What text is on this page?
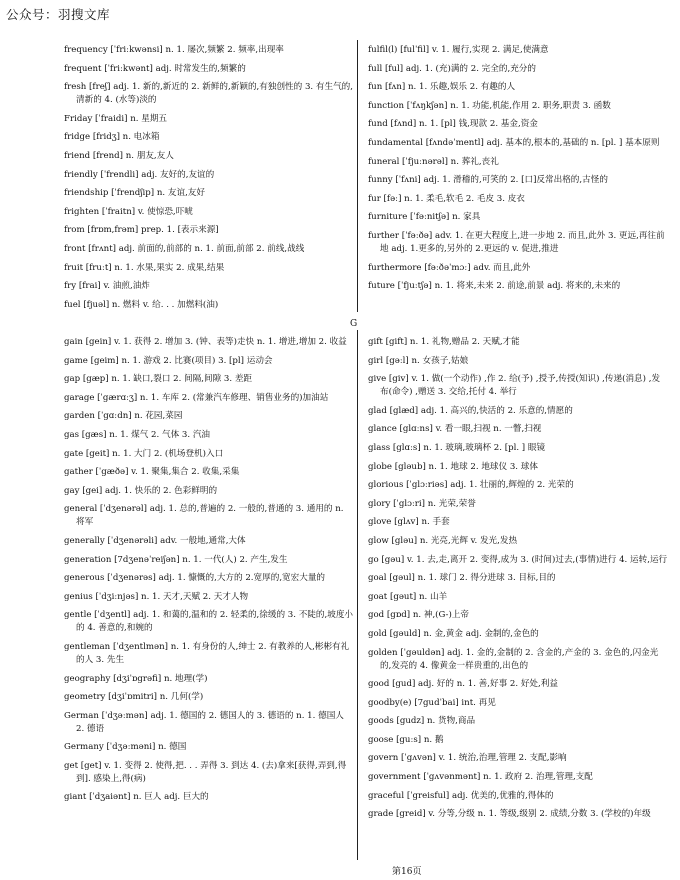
公众号：羽搜文库
frequency [ˈfriːkwənsi] n. 1. 屡次,频繁 2. 频率,出现率
frequent [ˈfriːkwənt] adj. 时常发生的,频繁的
fresh [freʃ] adj. 1. 新的,新近的 2. 新鲜的,新颖的,有独创性的 3. 有生气的,清新的 4. (水等)淡的
Friday [ˈfraidi] n. 星期五
fridge [fridʒ] n. 电冰箱
friend [frend] n. 朋友,友人
friendly [ˈfrendli] adj. 友好的,友谊的
friendship [ˈfrendʃip] n. 友谊,友好
frighten [ˈfraitn] v. 使惊恐,吓唬
from [frɒm,frəm] prep. 1. [表示来源]
front [frʌnt] adj. 前面的,前部的 n. 1. 前面,前部 2. 前线,战线
fruit [fruːt] n. 1. 水果,果实 2. 成果,结果
fry [frai] v. 油煎,油炸
fuel [fjuəl] n. 燃料 v. 给. . . 加燃料(油)
fulfil(l) [fulˈfil] v. 1. 履行,实现 2. 满足,使满意
full [ful] adj. 1. (充)满的 2. 完全的,充分的
fun [fʌn] n. 1. 乐趣,娱乐 2. 有趣的人
function [ˈfʌŋkʃən] n. 1. 功能,机能,作用 2. 职务,职责 3. 函数
fund [fʌnd] n. 1. [pl] 钱,现款 2. 基金,资金
fundamental [fʌndəˈmentl] adj. 基本的,根本的,基础的 n. [pl. ] 基本原则
funeral [ˈfjuːnərəl] n. 葬礼,丧礼
funny [ˈfʌni] adj. 1. 滑稽的,可笑的 2. [口]反常出格的,古怪的
fur [fəː] n. 1. 柔毛,软毛 2. 毛皮 3. 皮衣
furniture [ˈfəːnitʃə] n. 家具
further [ˈfəːðə] adv. 1. 在更大程度上,进一步地 2. 而且,此外 3. 更远,再往前地 adj. 1.更多的,另外的 2.更远的 v. 促进,推进
furthermore [fəːðəˈmɔː] adv. 而且,此外
future [ˈfjuːtʃə] n. 1. 将来,未来 2. 前途,前景 adj. 将来的,未来的
G
gain [gein] v. 1. 获得 2. 增加 3. (钟、表等)走快 n. 1. 增进,增加 2. 收益
game [geim] n. 1. 游戏 2. 比赛(项目) 3. [pl] 运动会
gap [gæp] n. 1. 缺口,裂口 2. 间隔,间隙 3. 差距
garage [ˈgærɑːʒ] n. 1. 车库 2. (常兼汽车修理、销售业务的)加油站
garden [ˈgɑːdn] n. 花园,菜园
gas [gæs] n. 1. 煤气 2. 气体 3. 汽油
gate [geit] n. 1. 大门 2. (机场登机)入口
gather [ˈgæðə] v. 1. 聚集,集合 2. 收集,采集
gay [gei] adj. 1. 快乐的 2. 色彩鲜明的
general [ˈdʒenərəl] adj. 1. 总的,普遍的 2. 一般的,普通的 3. 通用的 n. 将军
generally [ˈdʒenərəli] adv. 一般地,通常,大体
generation [7dʒenəˈreiʃən] n. 1. 一代(人) 2. 产生,发生
generous [ˈdʒenərəs] adj. 1. 慷慨的,大方的 2.宽厚的,宽宏大量的
genius [ˈdʒiːnjəs] n. 1. 天才,天赋 2. 天才人物
gentle [ˈdʒentl] adj. 1. 和蔼的,温和的 2. 轻柔的,徐缓的 3. 不陡的,坡度小的 4. 善意的,和婉的
gentleman [ˈdʒentlmən] n. 1. 有身份的人,绅士 2. 有教养的人,彬彬有礼的人 3. 先生
geography [dʒiˈɒgrəfi] n. 地理(学)
geometry [dʒiˈɒmitri] n. 几何(学)
German [ˈdʒəːmən] adj. 1. 德国的 2. 德国人的 3. 德语的 n. 1. 德国人 2. 德语
Germany [ˈdʒəːməni] n. 德国
get [get] v. 1. 变得 2. 使得,把. . . 弄得 3. 到达 4. (去)拿来[获得,弄到,得到]. 感染上,得(病)
giant [ˈdʒaiənt] n. 巨人 adj. 巨大的
gift [gift] n. 1. 礼物,赠品 2. 天赋,才能
girl [gəːl] n. 女孩子,姑娘
give [giv] v. 1. 做(一个动作) ,作 2. 给(予) ,授予,传授(知识) ,传递(消息) ,发布(命令) ,赠送 3. 交给,托付 4. 举行
glad [glæd] adj. 1. 高兴的,快活的 2. 乐意的,情愿的
glance [glɑːns] v. 看一眼,扫视 n. 一瞥,扫视
glass [glɑːs] n. 1. 玻璃,玻璃杯 2. [pl. ] 眼镜
globe [gləub] n. 1. 地球 2. 地球仪 3. 球体
glorious [ˈglɔːriəs] adj. 1. 壮丽的,辉煌的 2. 光荣的
glory [ˈglɔːri] n. 光荣,荣誉
glove [glʌv] n. 手套
glow [gləu] n. 光亮,光辉 v. 发光,发热
go [gəu] v. 1. 去,走,离开 2. 变得,成为 3. (时间)过去,(事情)进行 4. 运转,运行
goal [gəul] n. 1. 球门 2. 得分进球 3. 目标,目的
goat [gəut] n. 山羊
god [gɒd] n. 神,(G-)上帝
gold [gəuld] n. 金,黄金 adj. 金制的,金色的
golden [ˈgəuldən] adj. 1. 金的,金制的 2. 含金的,产金的 3. 金色的,闪金光的,发亮的 4. 像黄金一样贵重的,出色的
good [gud] adj. 好的 n. 1. 善,好事 2. 好处,利益
goodby(e) [7gudˈbai] int. 再见
goods [gudz] n. 货物,商品
goose [guːs] n. 鹅
govern [ˈgʌvən] v. 1. 统治,治理,管理 2. 支配,影响
government [ˈgʌvənmənt] n. 1. 政府 2. 治理,管理,支配
graceful [ˈgreisful] adj. 优美的,优雅的,得体的
grade [greid] v. 分等,分级 n. 1. 等级,级别 2. 成绩,分数 3. (学校的)年级
第16页
